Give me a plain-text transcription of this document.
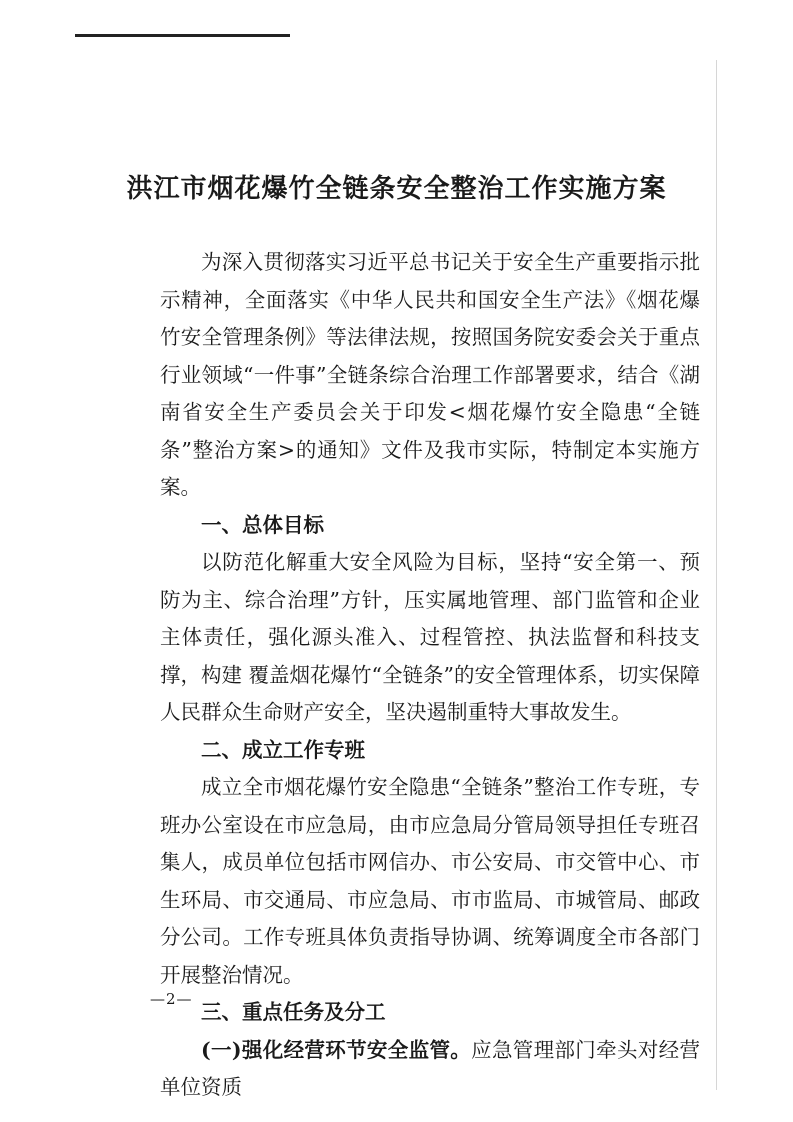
洪江市烟花爆竹全链条安全整治工作实施方案

为深入贯彻落实习近平总书记关于安全生产重要指示批示精神，全面落实《中华人民共和国安全生产法》《烟花爆竹安全管理条例》等法律法规，按照国务院安委会关于重点行业领域“一件事”全链条综合治理工作部署要求，结合《湖南省安全生产委员会关于印发<烟花爆竹安全隐患“全链条”整治方案>的通知》文件及我市实际，特制定本实施方案。

一、总体目标

以防范化解重大安全风险为目标，坚持“安全第一、预防为主、综合治理”方针，压实属地管理、部门监管和企业主体责任，强化源头准入、过程管控、执法监督和科技支撑，构建 覆盖烟花爆竹“全链条”的安全管理体系，切实保障人民群众生命财产安全，坚决遏制重特大事故发生。

二、成立工作专班

成立全市烟花爆竹安全隐患“全链条”整治工作专班，专班办公室设在市应急局，由市应急局分管局领导担任专班召集人，成员单位包括市网信办、市公安局、市交管中心、市生环局、市交通局、市应急局、市市监局、市城管局、邮政分公司。工作专班具体负责指导协调、统筹调度全市各部门开展整治情况。

三、重点任务及分工

(一)强化经营环节安全监管。应急管理部门牵头对经营单位资质

—2—
